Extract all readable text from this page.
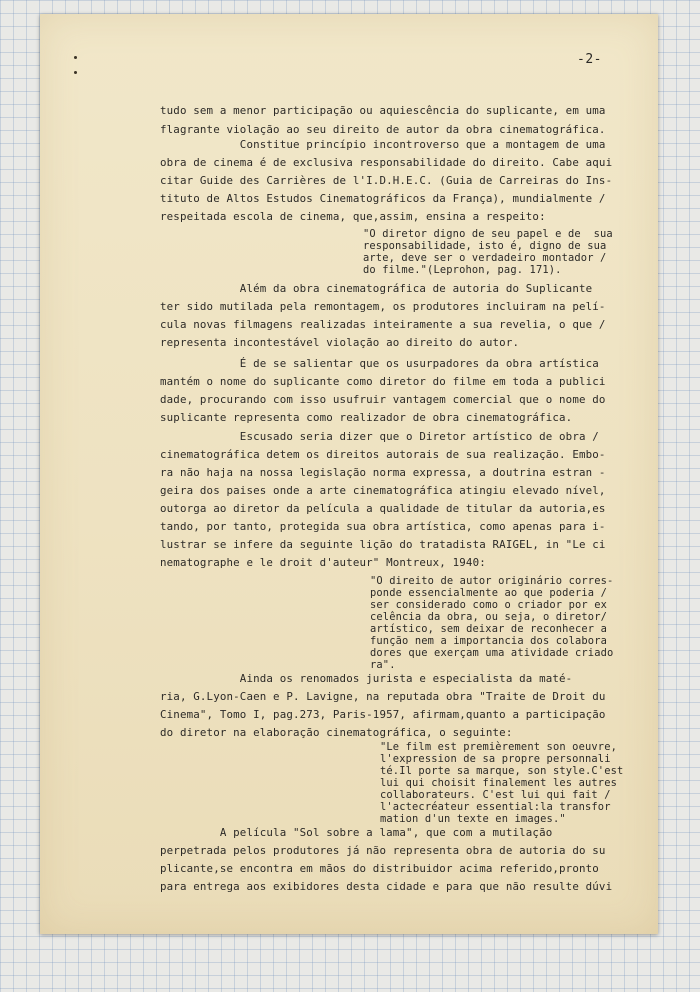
-2-
tudo sem a menor participação ou aquiescência do suplicante, em uma
flagrante violação ao seu direito de autor da obra cinematográfica.
Constitue princípio incontroverso que a montagem de uma
obra de cinema é de exclusiva responsabilidade do direito. Cabe aqui
citar Guide des Carrières de l'I.D.H.E.C. (Guia de Carreiras do Ins-
tituto de Altos Estudos Cinematográficos da França), mundialmente /
respeitada escola de cinema, que,assim, ensina a respeito:
"O diretor digno de seu papel e de  sua
responsabilidade, isto é, digno de sua
arte, deve ser o verdadeiro montador /
do filme."(Leprohon, pag. 171).
Além da obra cinematográfica de autoria do Suplicante
ter sido mutilada pela remontagem, os produtores incluiram na pelí-
cula novas filmagens realizadas inteiramente a sua revelia, o que /
representa incontestável violação ao direito do autor.
É de se salientar que os usurpadores da obra artística
mantém o nome do suplicante como diretor do filme em toda a publici
dade, procurando com isso usufruir vantagem comercial que o nome do
suplicante representa como realizador de obra cinematográfica.
Escusado seria dizer que o Diretor artístico de obra /
cinematográfica detem os direitos autorais de sua realização. Embo-
ra não haja na nossa legislação norma expressa, a doutrina estran -
geira dos paises onde a arte cinematográfica atingiu elevado nível,
outorga ao diretor da película a qualidade de titular da autoria,es
tando, por tanto, protegida sua obra artística, como apenas para i-
lustrar se infere da seguinte lição do tratadista RAIGEL, in "Le ci
nematographe e le droit d'auteur" Montreux, 1940:
"O direito de autor originário corres-
ponde essencialmente ao que poderia /
ser considerado como o criador por ex
celência da obra, ou seja, o diretor/
artístico, sem deixar de reconhecer a
função nem a importancia dos colabora
dores que exerçam uma atividade criado
ra".
Ainda os renomados jurista e especialista da maté-
ria, G.Lyon-Caen e P. Lavigne, na reputada obra "Traite de Droit du
Cinema", Tomo I, pag.273, Paris-1957, afirmam,quanto a participação
do diretor na elaboração cinematográfica, o seguinte:
"Le film est premièrement son oeuvre,
l'expression de sa propre personnali
té.Il porte sa marque, son style.C'est
lui qui choisit finalement les autres
collaborateurs. C'est lui qui fait /
l'actecréateur essential:la transfor
mation d'un texte en images."
A película "Sol sobre a lama", que com a mutilação
perpetrada pelos produtores já não representa obra de autoria do su
plicante,se encontra em mãos do distribuidor acima referido,pronto
para entrega aos exibidores desta cidade e para que não resulte dúvi
